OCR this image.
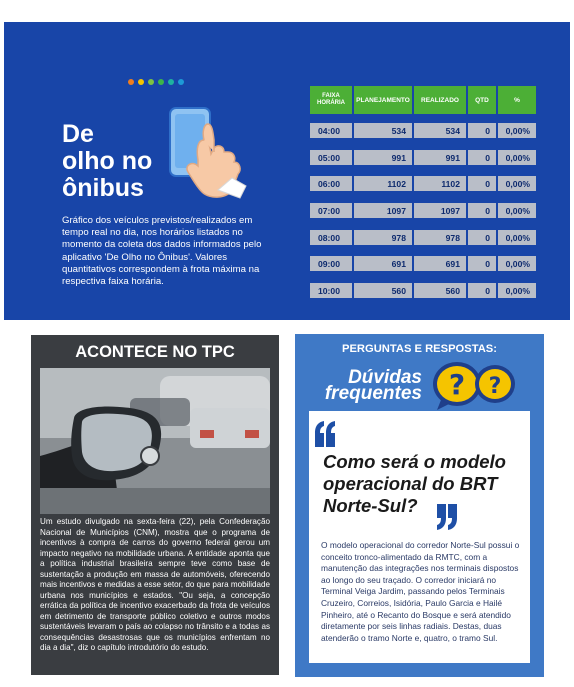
De
olho no
ônibus

Gráfico dos veículos previstos/realizados em tempo real no dia, nos horários listados no momento da coleta dos dados informados pelo aplicativo 'De Olho no Ônibus'. Valores quantitativos correspondem à frota máxima na respectiva faixa horária.

FAIXA HORÁRIA	PLANEJAMENTO	REALIZADO	QTD	%
04:00	534	534	0	0,00%
05:00	991	991	0	0,00%
06:00	1102	1102	0	0,00%
07:00	1097	1097	0	0,00%
08:00	978	978	0	0,00%
09:00	691	691	0	0,00%
10:00	560	560	0	0,00%
ACONTECE NO TPC

Um estudo divulgado na sexta-feira (22), pela Confederação Nacional de Municípios (CNM), mostra que o programa de incentivos à compra de carros do governo federal gerou um impacto negativo na mobilidade urbana. A entidade aponta que a política industrial brasileira sempre teve como base de sustentação a produção em massa de automóveis, oferecendo mais incentivos e medidas a esse setor, do que para mobilidade urbana nos municípios e estados. "Ou seja, a concepção errática da política de incentivo exacerbado da frota de veículos em detrimento de transporte público coletivo e outros modos sustentáveis levaram o país ao colapso no trânsito e a todas as consequências desastrosas que os municípios enfrentam no dia a dia", diz o capítulo introdutório do estudo.

PERGUNTAS E RESPOSTAS:
Dúvidas
frequentes ? ?
Como será o modelo operacional do BRT Norte-Sul?

O modelo operacional do corredor Norte-Sul possui o conceito tronco-alimentado da RMTC, com a manutenção das integrações nos terminais dispostos ao longo do seu traçado. O corredor iniciará no Terminal Veiga Jardim, passando pelos Terminais Cruzeiro, Correios, Isidória, Paulo Garcia e Hailé Pinheiro, até o Recanto do Bosque e será atendido diretamente por seis linhas radiais. Destas, duas atenderão o tramo Norte e, quatro, o tramo Sul.
